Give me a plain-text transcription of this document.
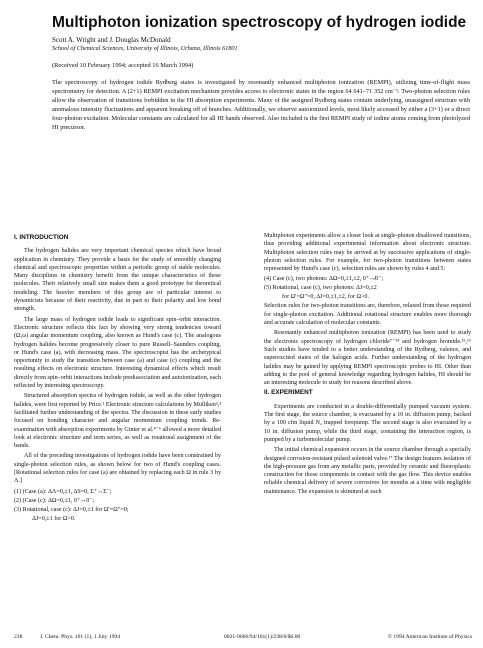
Multiphoton ionization spectroscopy of hydrogen iodide
Scott A. Wright and J. Douglas McDonald
School of Chemical Sciences, University of Illinois, Urbana, Illinois 61801
(Received 10 February 1994; accepted 16 March 1994)

The spectroscopy of hydrogen iodide Rydberg states is investigated by resonantly enhanced multiphoton ionization (REMPI), utilizing time-of-flight mass spectrometry for detection. A (2+1) REMPI excitation mechanism provides access to electronic states in the region 64 641–71 352 cm⁻¹. Two-photon selection rules allow the observation of transitions forbidden in the HI absorption experiments. Many of the assigned Rydberg states contain underlying, unassigned structure with anomalous intensity fluctuations and apparent breaking off of branches. Additionally, we observe autoionized levels, most likely accessed by either a (3+1) or a direct four-photon excitation. Molecular constants are calculated for all HI bands observed. Also included is the first REMPI study of iodine atoms coming from photolyzed HI precursor.

I. INTRODUCTION

The hydrogen halides are very important chemical species which have broad application in chemistry. They provide a basis for the study of smoothly changing chemical and spectroscopic properties within a periodic group of stable molecules. Many disciplines in chemistry benefit from the unique characteristics of these molecules. Their relatively small size makes them a good prototype for theoretical modeling. The heavier members of this group are of particular interest to dynamicists because of their reactivity, due in part to their polarity and low bond strength.

The large mass of hydrogen iodide leads to significant spin–orbit interaction. Electronic structure reflects this fact by showing very strong tendencies toward (Ω,ω) angular momentum coupling, also known as Hund's case (c). The analogous hydrogen halides become progressively closer to pure Russell–Saunders coupling, or Hund's case (a), with decreasing mass. The spectroscopist has the archetypical opportunity to study the transition between case (a) and case (c) coupling and the resulting effects on electronic structure. Interesting dynamical effects which result directly from spin–orbit interactions include predissociation and autoionization, each reflected by interesting spectroscopy.

Structured absorption spectra of hydrogen iodide, as well as the other hydrogen halides, were first reported by Price.¹ Electronic structure calculations by Mulliken²,³ facilitated further understanding of the spectra. The discussion in these early studies focused on bonding character and angular momentum coupling trends. Re-examination with absorption experiments by Ginter et al.⁴⁻⁶ allowed a more detailed look at electronic structure and term series, as well as rotational assignment of the bands.

All of the preceding investigations of hydrogen iodide have been constrained by single-photon selection rules, as shown below for two of Hund's coupling cases. [Rotational selection rules for case (a) are obtained by replacing each Ω in rule 3 by Λ.]

(1) (Case (a): ΔΛ=0,±1, ΔS=0, Σ⁺↔Σ⁻;
(2) (Case (c): ΔΩ=0,±1, 0⁺↔0⁻;
(3) Rotational, case (c): ΔJ=0,±1 for Ω′=Ω″=0;
ΔJ=0,±1 for Ω>0.

Multiphoton experiments allow a closer look at single-photon disallowed transitions, thus providing additional experimental information about electronic structure. Multiphoton selection rules may be arrived at by successive applications of single-photon selection rules. For example, for two-photon transitions between states represented by Hund's case (c), selection rules are shown by rules 4 and 5:

(4) Case (c), two photons: ΔΩ=0,±1,±2, 0⁺↮0⁻;
(5) Rotational, case (c), two photons: ΔJ=0,±2
for Ω′=Ω″=0, ΔJ=0,±1,±2, for Ω>0.

Selection rules for two-photon transitions are, therefore, relaxed from those required for single-photon excitation. Additional rotational structure enables more thorough and accurate calculation of molecular constants.

Resonantly enhanced multiphoton ionization (REMPI) has been used to study the electronic spectroscopy of hydrogen chloride⁷⁻¹⁴ and hydrogen bromide.¹⁵,¹⁶ Such studies have tended to a better understanding of the Rydberg, valence, and superexcited states of the halogen acids. Further understanding of the hydrogen halides may be gained by applying REMPI spectroscopic probes to HI. Other than adding to the pool of general knowledge regarding hydrogen halides, HI should be an interesting molecule to study for reasons described above.

II. EXPERIMENT

Experiments are conducted in a double-differentially pumped vacuum system. The first stage, the source chamber, is evacuated by a 10 in. diffusion pump, backed by a 100 cfm liquid N₂ trapped forepump. The second stage is also evacuated by a 10 in. diffusion pump, while the third stage, containing the interaction region, is pumped by a turbomolecular pump.

The initial chemical expansion occurs in the source chamber through a specially designed corrosion-resistant pulsed solenoid valve.¹⁷ The design features isolation of the high-pressure gas from any metallic parts, provided by ceramic and fluoroplastic construction for those components in contact with the gas flow. This device enables reliable chemical delivery of severe corrosives for months at a time with negligible maintenance. The expansion is skimmed at each

238	J. Chem. Phys. 101 (1), 1 July 1994	0021-9606/94/101(1)/238/8/$6.00	© 1994 American Institute of Physics
